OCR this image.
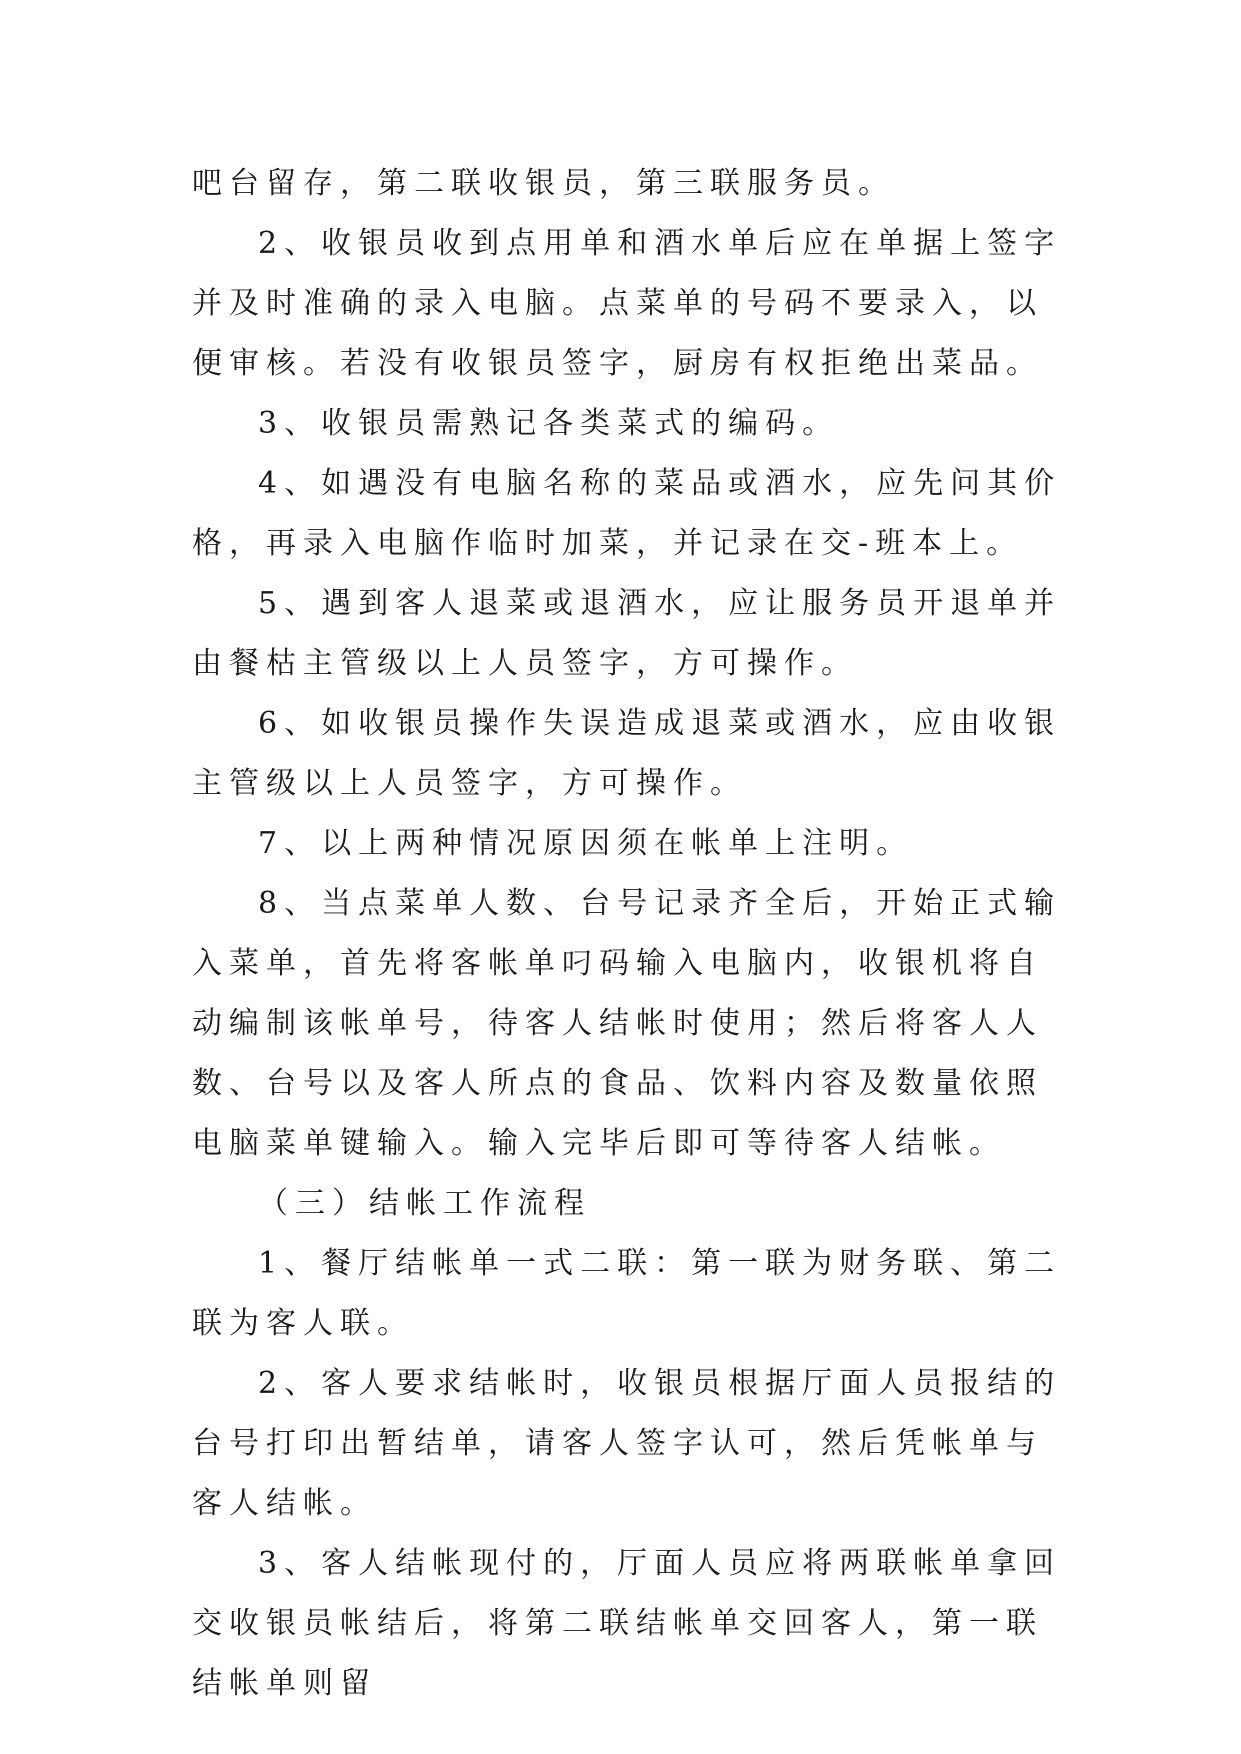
吧台留存，第二联收银员，第三联服务员。

2、收银员收到点用单和酒水单后应在单据上签字并及时准确的录入电脑。点菜单的号码不要录入，以便审核。若没有收银员签字，厨房有权拒绝出菜品。

3、收银员需熟记各类菜式的编码。

4、如遇没有电脑名称的菜品或酒水，应先问其价格，再录入电脑作临时加菜，并记录在交-班本上。

5、遇到客人退菜或退酒水，应让服务员开退单并由餐枯主管级以上人员签字，方可操作。

6、如收银员操作失误造成退菜或酒水，应由收银主管级以上人员签字，方可操作。

7、以上两种情况原因须在帐单上注明。

8、当点菜单人数、台号记录齐全后，开始正式输入菜单，首先将客帐单叼码输入电脑内，收银机将自动编制该帐单号，待客人结帐时使用；然后将客人人数、台号以及客人所点的食品、饮料内容及数量依照电脑菜单键输入。输入完毕后即可等待客人结帐。

（三）结帐工作流程

1、餐厅结帐单一式二联：第一联为财务联、第二联为客人联。

2、客人要求结帐时，收银员根据厅面人员报结的台号打印出暂结单，请客人签字认可，然后凭帐单与客人结帐。

3、客人结帐现付的，厅面人员应将两联帐单拿回交收银员帐结后，将第二联结帐单交回客人，第一联结帐单则留
